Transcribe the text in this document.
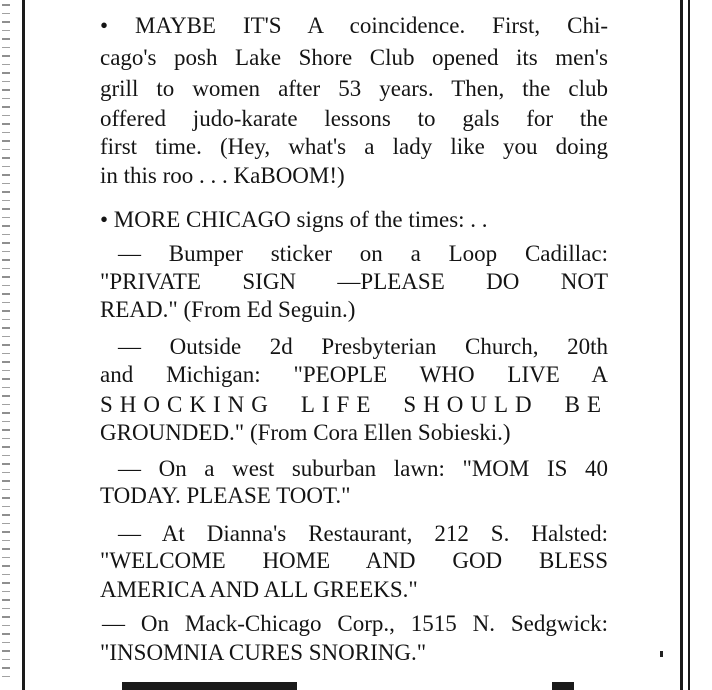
• MAYBE IT'S A coincidence. First, Chi-
cago's posh Lake Shore Club opened its men's
grill to women after 53 years. Then, the club
offered judo-karate lessons to gals for the
first time. (Hey, what's a lady like you doing
in this roo . . . KaBOOM!)
• MORE CHICAGO signs of the times: . .
— Bumper sticker on a Loop Cadillac:
"PRIVATE SIGN —PLEASE DO NOT
READ." (From Ed Seguin.)
— Outside 2d Presbyterian Church, 20th
and Michigan: "PEOPLE WHO LIVE A
SHOCKING LIFE SHOULD BE
GROUNDED." (From Cora Ellen Sobieski.)
— On a west suburban lawn: "MOM IS 40
TODAY. PLEASE TOOT."
— At Dianna's Restaurant, 212 S. Halsted:
"WELCOME HOME AND GOD BLESS
AMERICA AND ALL GREEKS."
— On Mack-Chicago Corp., 1515 N. Sedgwick:
"INSOMNIA CURES SNORING."
